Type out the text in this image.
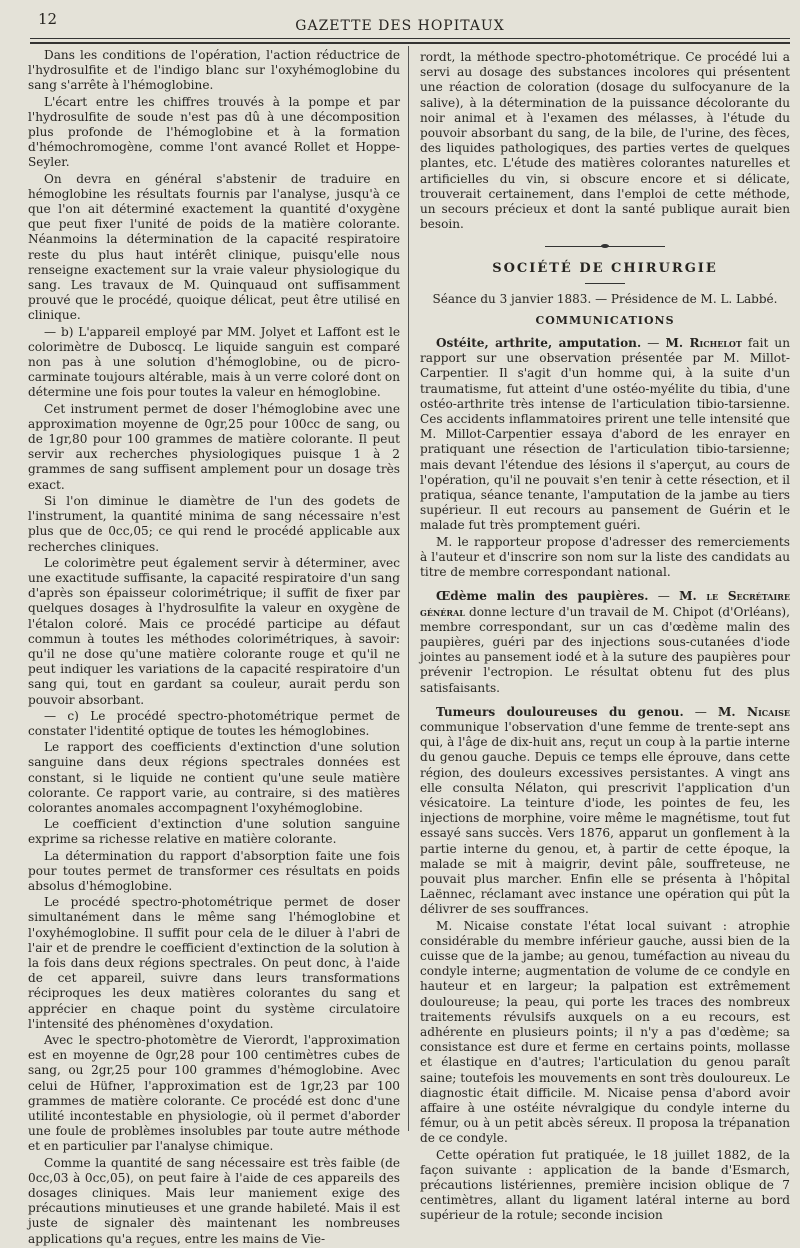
12	GAZETTE DES HOPITAUX

Dans les conditions de l'opération, l'action réductrice de l'hydrosulfite et de l'indigo blanc sur l'oxyhémoglobine du sang s'arrête à l'hémoglobine.

L'écart entre les chiffres trouvés à la pompe et par l'hydrosulfite de soude n'est pas dû à une décomposition plus profonde de l'hémoglobine et à la formation d'hémochromogène, comme l'ont avancé Rollet et Hoppe-Seyler.

On devra en général s'abstenir de traduire en hémoglobine les résultats fournis par l'analyse, jusqu'à ce que l'on ait déterminé exactement la quantité d'oxygène que peut fixer l'unité de poids de la matière colorante. Néanmoins la détermination de la capacité respiratoire reste du plus haut intérêt clinique, puisqu'elle nous renseigne exactement sur la vraie valeur physiologique du sang. Les travaux de M. Quinquaud ont suffisamment prouvé que le procédé, quoique délicat, peut être utilisé en clinique.

— b) L'appareil employé par MM. Jolyet et Laffont est le colorimètre de Duboscq. Le liquide sanguin est comparé non pas à une solution d'hémoglobine, ou de picro-carminate toujours altérable, mais à un verre coloré dont on détermine une fois pour toutes la valeur en hémoglobine.

Cet instrument permet de doser l'hémoglobine avec une approximation moyenne de 0gr,25 pour 100cc de sang, ou de 1gr,80 pour 100 grammes de matière colorante. Il peut servir aux recherches physiologiques puisque 1 à 2 grammes de sang suffisent amplement pour un dosage très exact.

Si l'on diminue le diamètre de l'un des godets de l'instrument, la quantité minima de sang nécessaire n'est plus que de 0cc,05; ce qui rend le procédé applicable aux recherches cliniques.

Le colorimètre peut également servir à déterminer, avec une exactitude suffisante, la capacité respiratoire d'un sang d'après son épaisseur colorimétrique; il suffit de fixer par quelques dosages à l'hydrosulfite la valeur en oxygène de l'étalon coloré. Mais ce procédé participe au défaut commun à toutes les méthodes colorimétriques, à savoir: qu'il ne dose qu'une matière colorante rouge et qu'il ne peut indiquer les variations de la capacité respiratoire d'un sang qui, tout en gardant sa couleur, aurait perdu son pouvoir absorbant.

— c) Le procédé spectro-photométrique permet de constater l'identité optique de toutes les hémoglobines.

Le rapport des coefficients d'extinction d'une solution sanguine dans deux régions spectrales données est constant, si le liquide ne contient qu'une seule matière colorante. Ce rapport varie, au contraire, si des matières colorantes anomales accompagnent l'oxyhémoglobine.

Le coefficient d'extinction d'une solution sanguine exprime sa richesse relative en matière colorante.

La détermination du rapport d'absorption faite une fois pour toutes permet de transformer ces résultats en poids absolus d'hémoglobine.

Le procédé spectro-photométrique permet de doser simultanément dans le même sang l'hémoglobine et l'oxyhémoglobine. Il suffit pour cela de le diluer à l'abri de l'air et de prendre le coefficient d'extinction de la solution à la fois dans deux régions spectrales. On peut donc, à l'aide de cet appareil, suivre dans leurs transformations réciproques les deux matières colorantes du sang et apprécier en chaque point du système circulatoire l'intensité des phénomènes d'oxydation.

Avec le spectro-photomètre de Vierordt, l'approximation est en moyenne de 0gr,28 pour 100 centimètres cubes de sang, ou 2gr,25 pour 100 grammes d'hémoglobine. Avec celui de Hüfner, l'approximation est de 1gr,23 par 100 grammes de matière colorante. Ce procédé est donc d'une utilité incontestable en physiologie, où il permet d'aborder une foule de problèmes insolubles par toute autre méthode et en particulier par l'analyse chimique.

Comme la quantité de sang nécessaire est très faible (de 0cc,03 à 0cc,05), on peut faire à l'aide de ces appareils des dosages cliniques. Mais leur maniement exige des précautions minutieuses et une grande habileté. Mais il est juste de signaler dès maintenant les nombreuses applications qu'a reçues, entre les mains de Vie-

rordt, la méthode spectro-photométrique. Ce procédé lui a servi au dosage des substances incolores qui présentent une réaction de coloration (dosage du sulfocyanure de la salive), à la détermination de la puissance décolorante du noir animal et à l'examen des mélasses, à l'étude du pouvoir absorbant du sang, de la bile, de l'urine, des fèces, des liquides pathologiques, des parties vertes de quelques plantes, etc. L'étude des matières colorantes naturelles et artificielles du vin, si obscure encore et si délicate, trouverait certainement, dans l'emploi de cette méthode, un secours précieux et dont la santé publique aurait bien besoin.

SOCIÉTÉ DE CHIRURGIE
Séance du 3 janvier 1883. — Présidence de M. L. Labbé.
COMMUNICATIONS

Ostéite, arthrite, amputation. — M. Richelot fait un rapport sur une observation présentée par M. Millot-Carpentier. Il s'agit d'un homme qui, à la suite d'un traumatisme, fut atteint d'une ostéo-myélite du tibia, d'une ostéo-arthrite très intense de l'articulation tibio-tarsienne. Ces accidents inflammatoires prirent une telle intensité que M. Millot-Carpentier essaya d'abord de les enrayer en pratiquant une résection de l'articulation tibio-tarsienne; mais devant l'étendue des lésions il s'aperçut, au cours de l'opération, qu'il ne pouvait s'en tenir à cette résection, et il pratiqua, séance tenante, l'amputation de la jambe au tiers supérieur. Il eut recours au pansement de Guérin et le malade fut très promptement guéri.

M. le rapporteur propose d'adresser des remerciements à l'auteur et d'inscrire son nom sur la liste des candidats au titre de membre correspondant national.

Œdème malin des paupières. — M. le Secrétaire général donne lecture d'un travail de M. Chipot (d'Orléans), membre correspondant, sur un cas d'œdème malin des paupières, guéri par des injections sous-cutanées d'iode jointes au pansement iodé et à la suture des paupières pour prévenir l'ectropion. Le résultat obtenu fut des plus satisfaisants.

Tumeurs douloureuses du genou. — M. Nicaise communique l'observation d'une femme de trente-sept ans qui, à l'âge de dix-huit ans, reçut un coup à la partie interne du genou gauche. Depuis ce temps elle éprouve, dans cette région, des douleurs excessives persistantes. A vingt ans elle consulta Nélaton, qui prescrivit l'application d'un vésicatoire. La teinture d'iode, les pointes de feu, les injections de morphine, voire même le magnétisme, tout fut essayé sans succès. Vers 1876, apparut un gonflement à la partie interne du genou, et, à partir de cette époque, la malade se mit à maigrir, devint pâle, souffreteuse, ne pouvait plus marcher. Enfin elle se présenta à l'hôpital Laënnec, réclamant avec instance une opération qui pût la délivrer de ses souffrances.

M. Nicaise constate l'état local suivant : atrophie considérable du membre inférieur gauche, aussi bien de la cuisse que de la jambe; au genou, tuméfaction au niveau du condyle interne; augmentation de volume de ce condyle en hauteur et en largeur; la palpation est extrêmement douloureuse; la peau, qui porte les traces des nombreux traitements révulsifs auxquels on a eu recours, est adhérente en plusieurs points; il n'y a pas d'œdème; sa consistance est dure et ferme en certains points, mollasse et élastique en d'autres; l'articulation du genou paraît saine; toutefois les mouvements en sont très douloureux. Le diagnostic était difficile. M. Nicaise pensa d'abord avoir affaire à une ostéite névralgique du condyle interne du fémur, ou à un petit abcès séreux. Il proposa la trépanation de ce condyle.

Cette opération fut pratiquée, le 18 juillet 1882, de la façon suivante : application de la bande d'Esmarch, précautions listériennes, première incision oblique de 7 centimètres, allant du ligament latéral interne au bord supérieur de la rotule; seconde incision
